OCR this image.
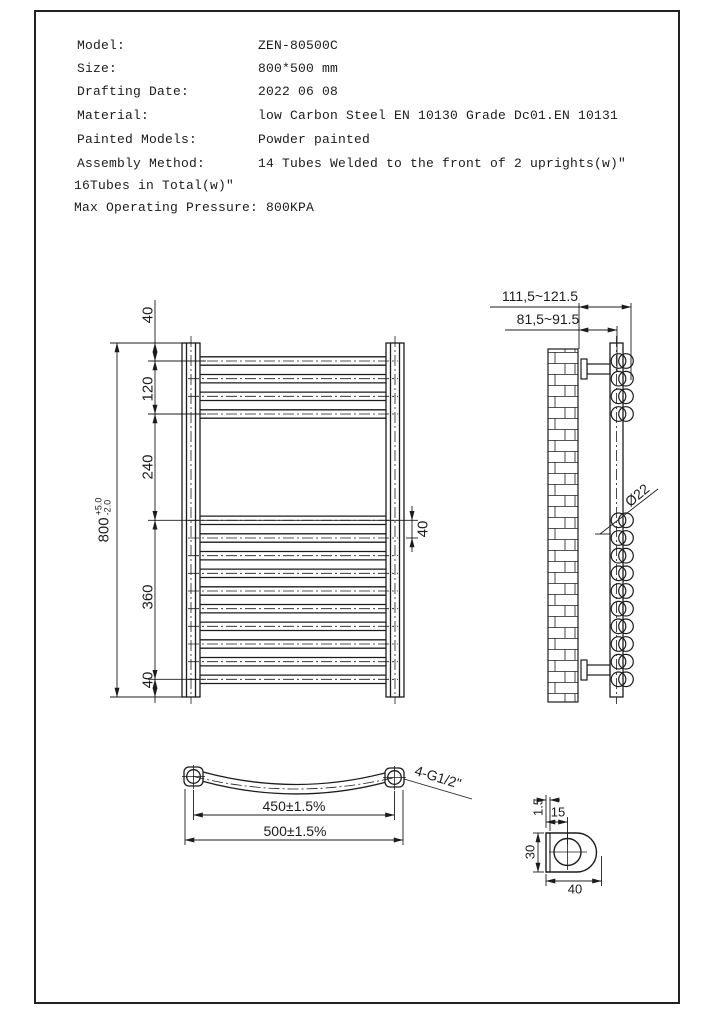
Model:	ZEN-80500C
Size:	800*500 mm
Drafting Date:	2022 06 08
Material:	low Carbon Steel EN 10130 Grade Dc01.EN 10131
Painted Models:	Powder painted
Assembly Method:	14 Tubes Welded to the front of 2 uprights(w)"
16Tubes in Total(w)"
Max Operating Pressure: 800KPA
40
120
240
360
40
800
+5.0 -2.0
40
111,5~121.5
81,5~91.5
Ø22
450±1.5%
500±1.5%
4-G1/2"
1.5 15
30
40
